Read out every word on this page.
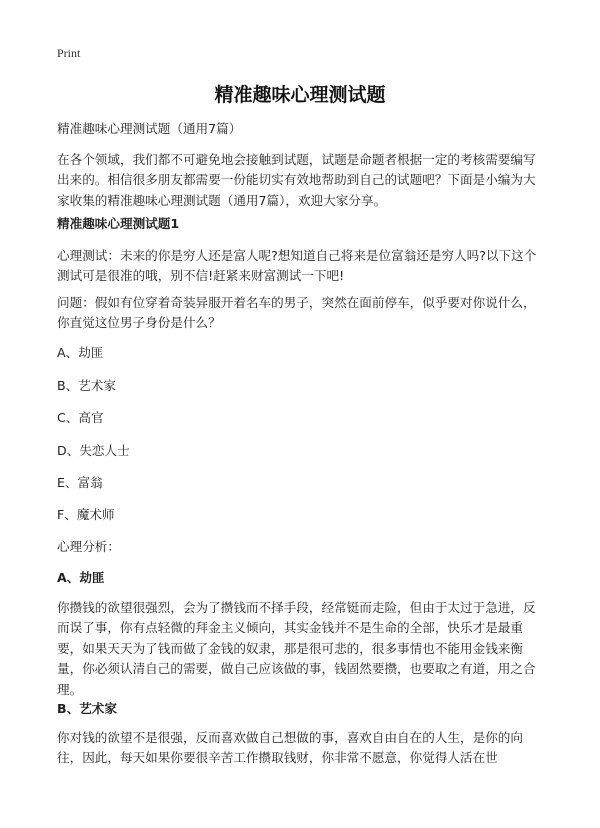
Print
精准趣味心理测试题
精准趣味心理测试题（通用7篇）
在各个领域，我们都不可避免地会接触到试题，试题是命题者根据一定的考核需要编写出来的。相信很多朋友都需要一份能切实有效地帮助到自己的试题吧？下面是小编为大家收集的精准趣味心理测试题（通用7篇），欢迎大家分享。
精准趣味心理测试题1
心理测试：未来的你是穷人还是富人呢?想知道自己将来是位富翁还是穷人吗?以下这个测试可是很准的哦，别不信!赶紧来财富测试一下吧!
问题：假如有位穿着奇装异服开着名车的男子，突然在面前停车，似乎要对你说什么，你直觉这位男子身份是什么？
A、劫匪
B、艺术家
C、高官
D、失恋人士
E、富翁
F、魔术师
心理分析：
A、劫匪
你攒钱的欲望很强烈，会为了攒钱而不择手段，经常铤而走险，但由于太过于急进，反而误了事，你有点轻微的拜金主义倾向，其实金钱并不是生命的全部，快乐才是最重要，如果天天为了钱而做了金钱的奴隶，那是很可悲的，很多事情也不能用金钱来衡量，你必须认清自己的需要，做自己应该做的事，钱固然要攒，也要取之有道，用之合理。
B、艺术家
你对钱的欲望不是很强，反而喜欢做自己想做的事，喜欢自由自在的人生，是你的向往，因此，每天如果你要很辛苦工作攒取钱财，你非常不愿意，你觉得人活在世
